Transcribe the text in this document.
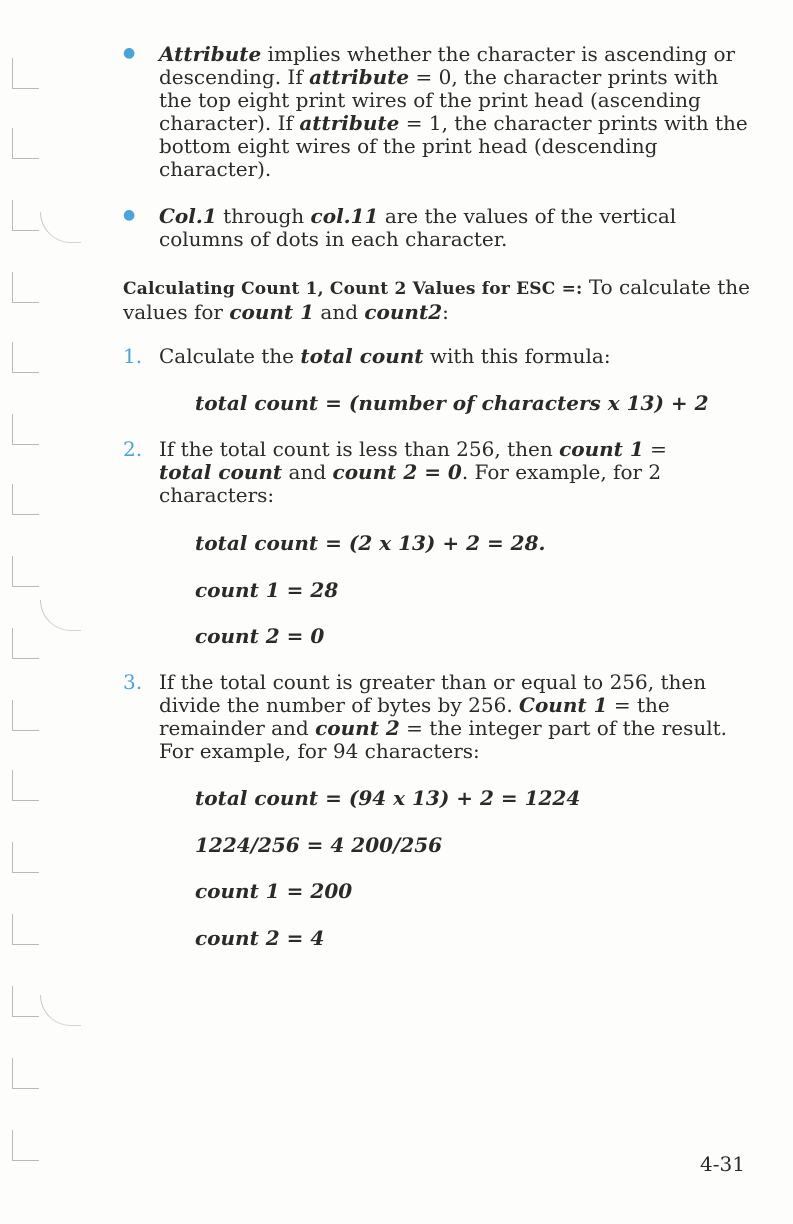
● Attribute implies whether the character is ascending or descending. If attribute = 0, the character prints with the top eight print wires of the print head (ascending character). If attribute = 1, the character prints with the bottom eight wires of the print head (descending character).
● Col.1 through col.11 are the values of the vertical columns of dots in each character.
Calculating Count 1, Count 2 Values for ESC =: To calculate the values for count 1 and count2:
1. Calculate the total count with this formula:
total count = (number of characters x 13) + 2
2. If the total count is less than 256, then count 1 = total count and count 2 = 0. For example, for 2 characters:
total count = (2 x 13) + 2 = 28.
count 1 = 28
count 2 = 0
3. If the total count is greater than or equal to 256, then divide the number of bytes by 256. Count 1 = the remainder and count 2 = the integer part of the result. For example, for 94 characters:
total count = (94 x 13) + 2 = 1224
1224/256 = 4 200/256
count 1 = 200
count 2 = 4
4-31
